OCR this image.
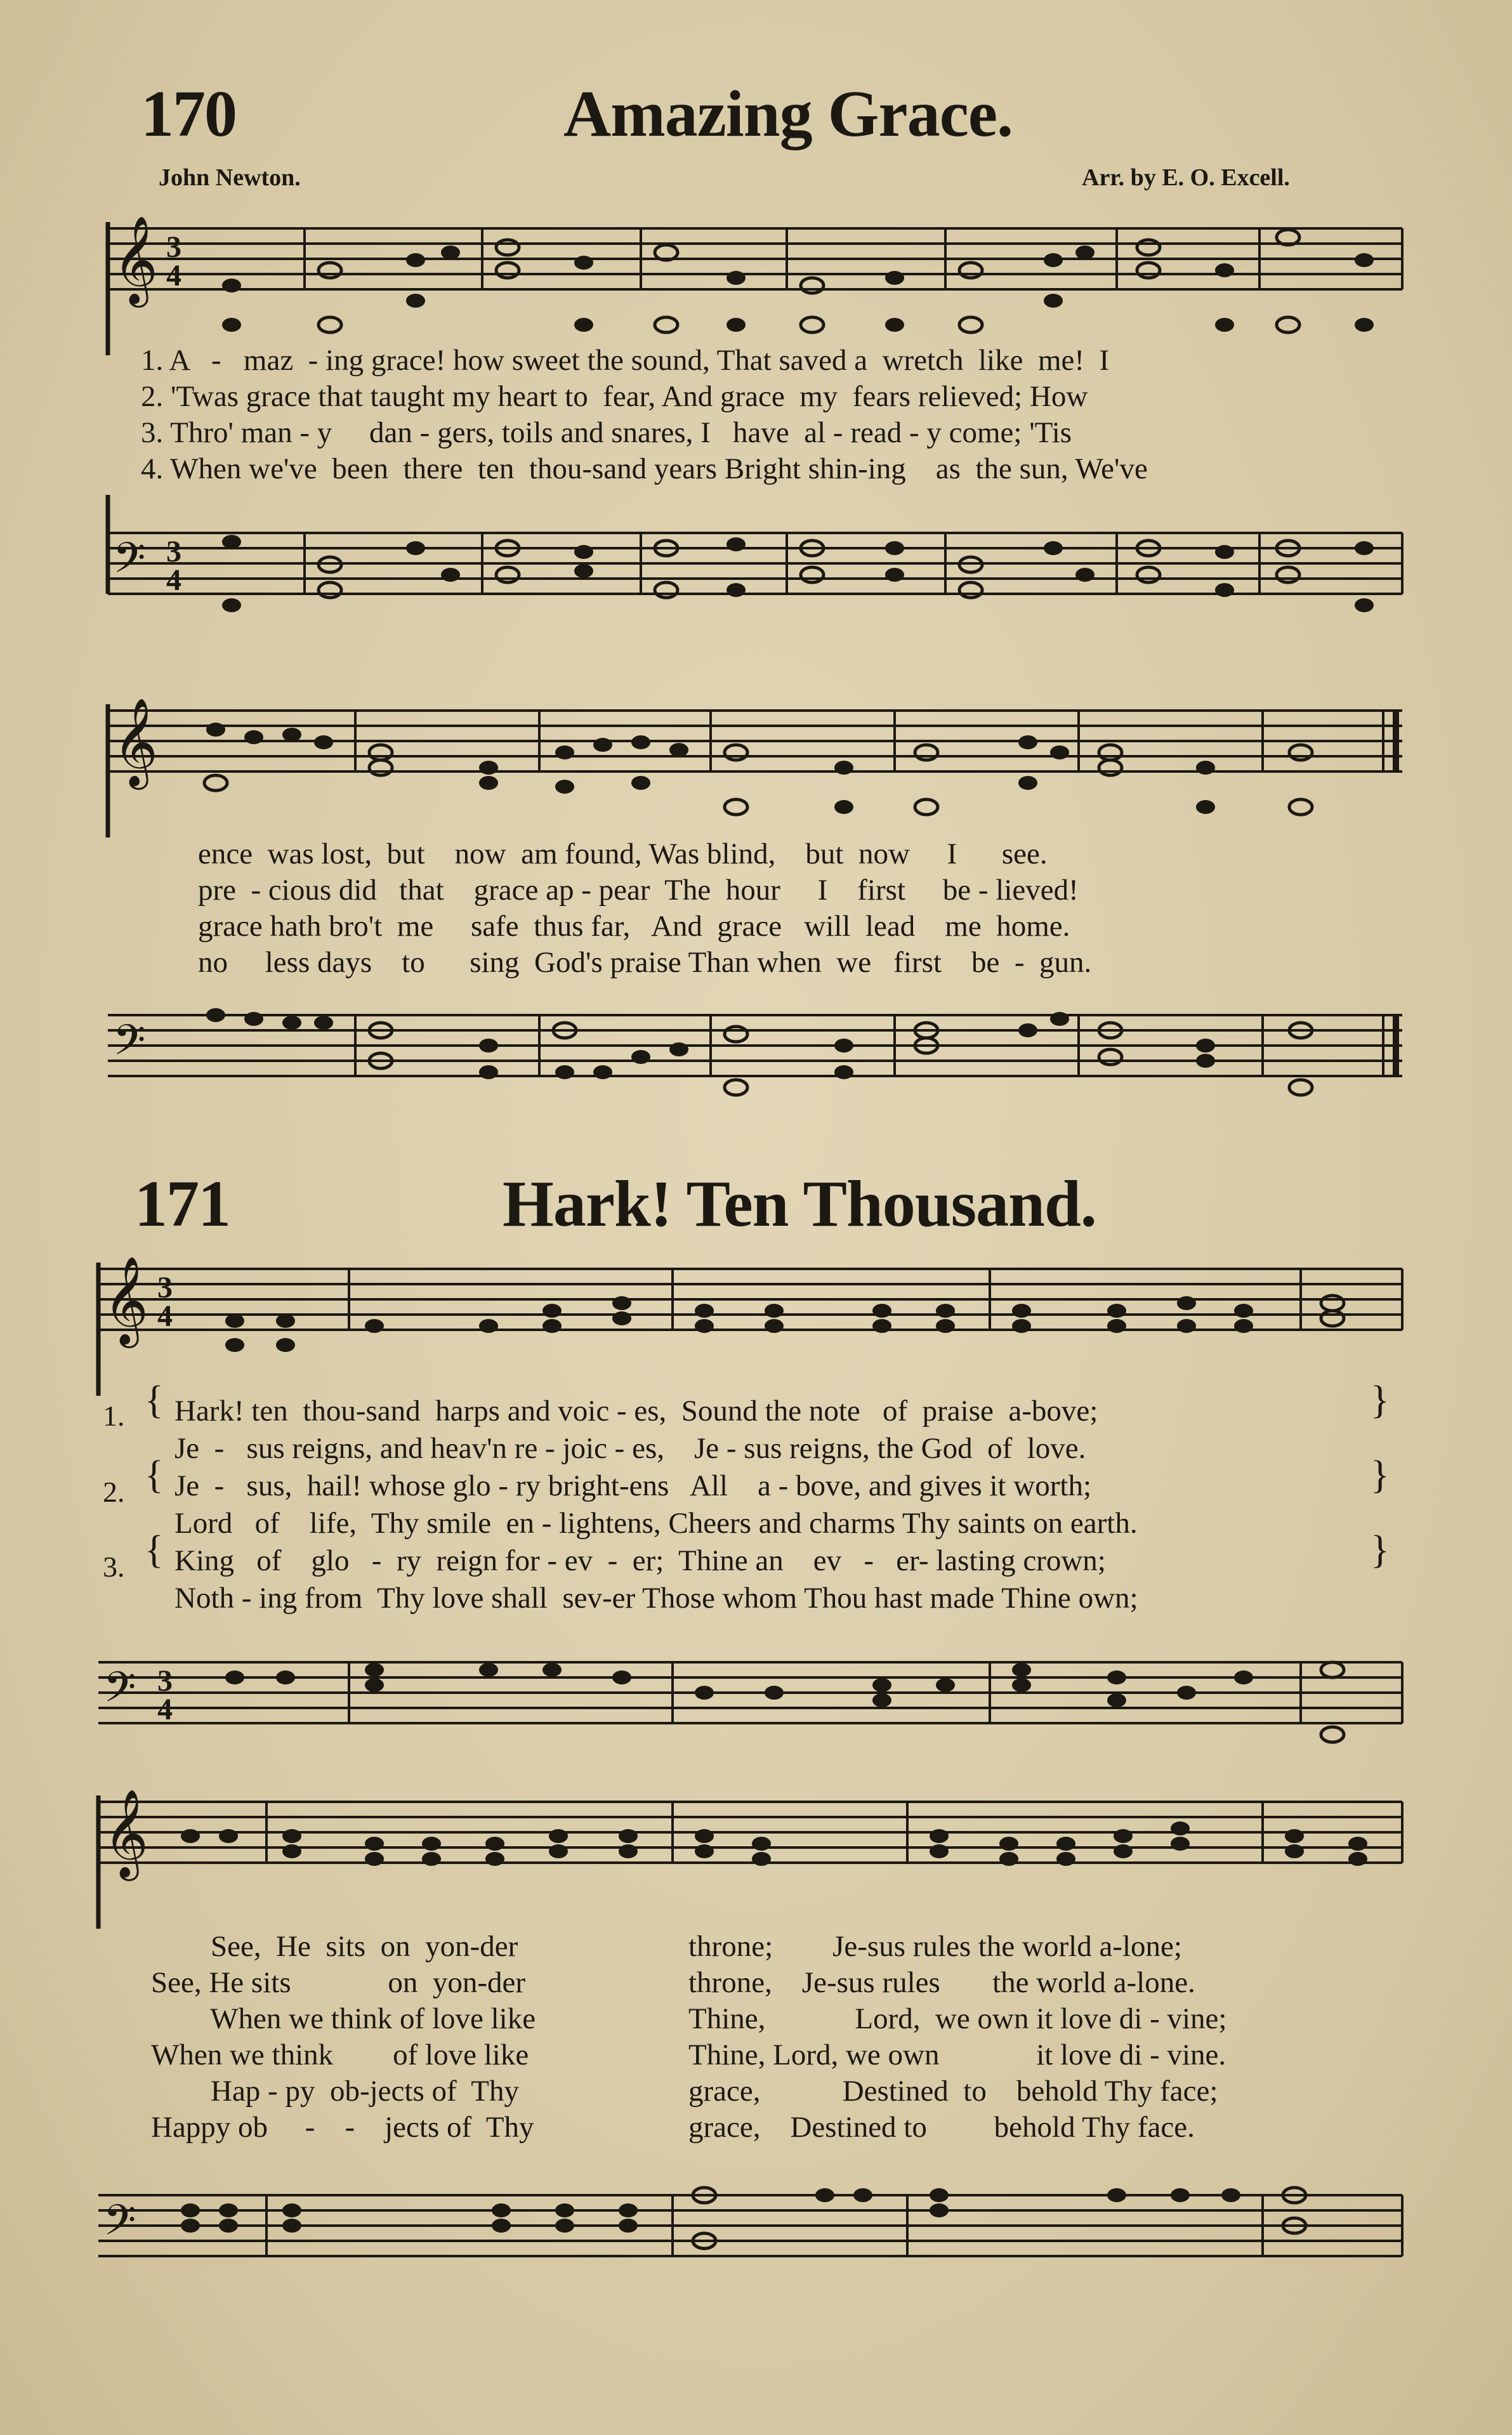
170	Amazing Grace.
John Newton.	Arr. by E. O. Excell.
𝄞 3
4
1. A   -   maz  - ing grace! how sweet the sound, That saved a  wretch  like  me!  I
2. 'Twas grace that taught my heart to  fear, And grace  my  fears relieved; How
3. Thro' man - y     dan - gers, toils and snares, I   have  al - read - y come; 'Tis
4. When we've  been  there  ten  thou-sand years Bright shin-ing    as  the sun, We've
𝄢 3
4
𝄞
ence  was lost,  but    now  am found, Was blind,    but  now     I      see.
pre  - cious did   that    grace ap - pear  The  hour     I    first     be - lieved!
grace hath bro't  me     safe  thus far,   And  grace   will  lead    me  home.
no     less days    to      sing  God's praise Than when  we   first    be  -  gun.
𝄢
171	Hark! Ten Thousand.
𝄞 3
4
1.
2.
3.
{
{
{
}
}
}
Hark! ten  thou-sand  harps and voic - es,  Sound the note   of  praise  a-bove;
Je  -   sus reigns, and heav'n re - joic - es,    Je - sus reigns, the God  of  love.
Je  -   sus,  hail! whose glo - ry bright-ens   All    a - bove, and gives it worth;
Lord   of    life,  Thy smile  en - lightens, Cheers and charms Thy saints on earth.
King   of    glo   -  ry  reign for - ev  -  er;  Thine an    ev   -   er- lasting crown;
Noth - ing from  Thy love shall  sev-er Those whom Thou hast made Thine own;
𝄢 3
4
𝄞
See,  He  sits  on  yon-der
See, He sits             on  yon-der
When we think of love like
When we think        of love like
Hap - py  ob-jects of  Thy
Happy ob     -    -    jects of  Thy
throne;        Je-sus rules the world a-lone;
throne,    Je-sus rules       the world a-lone.
Thine,            Lord,  we own it love di - vine;
Thine, Lord, we own             it love di - vine.
grace,           Destined  to    behold Thy face;
grace,    Destined to         behold Thy face.
𝄢
